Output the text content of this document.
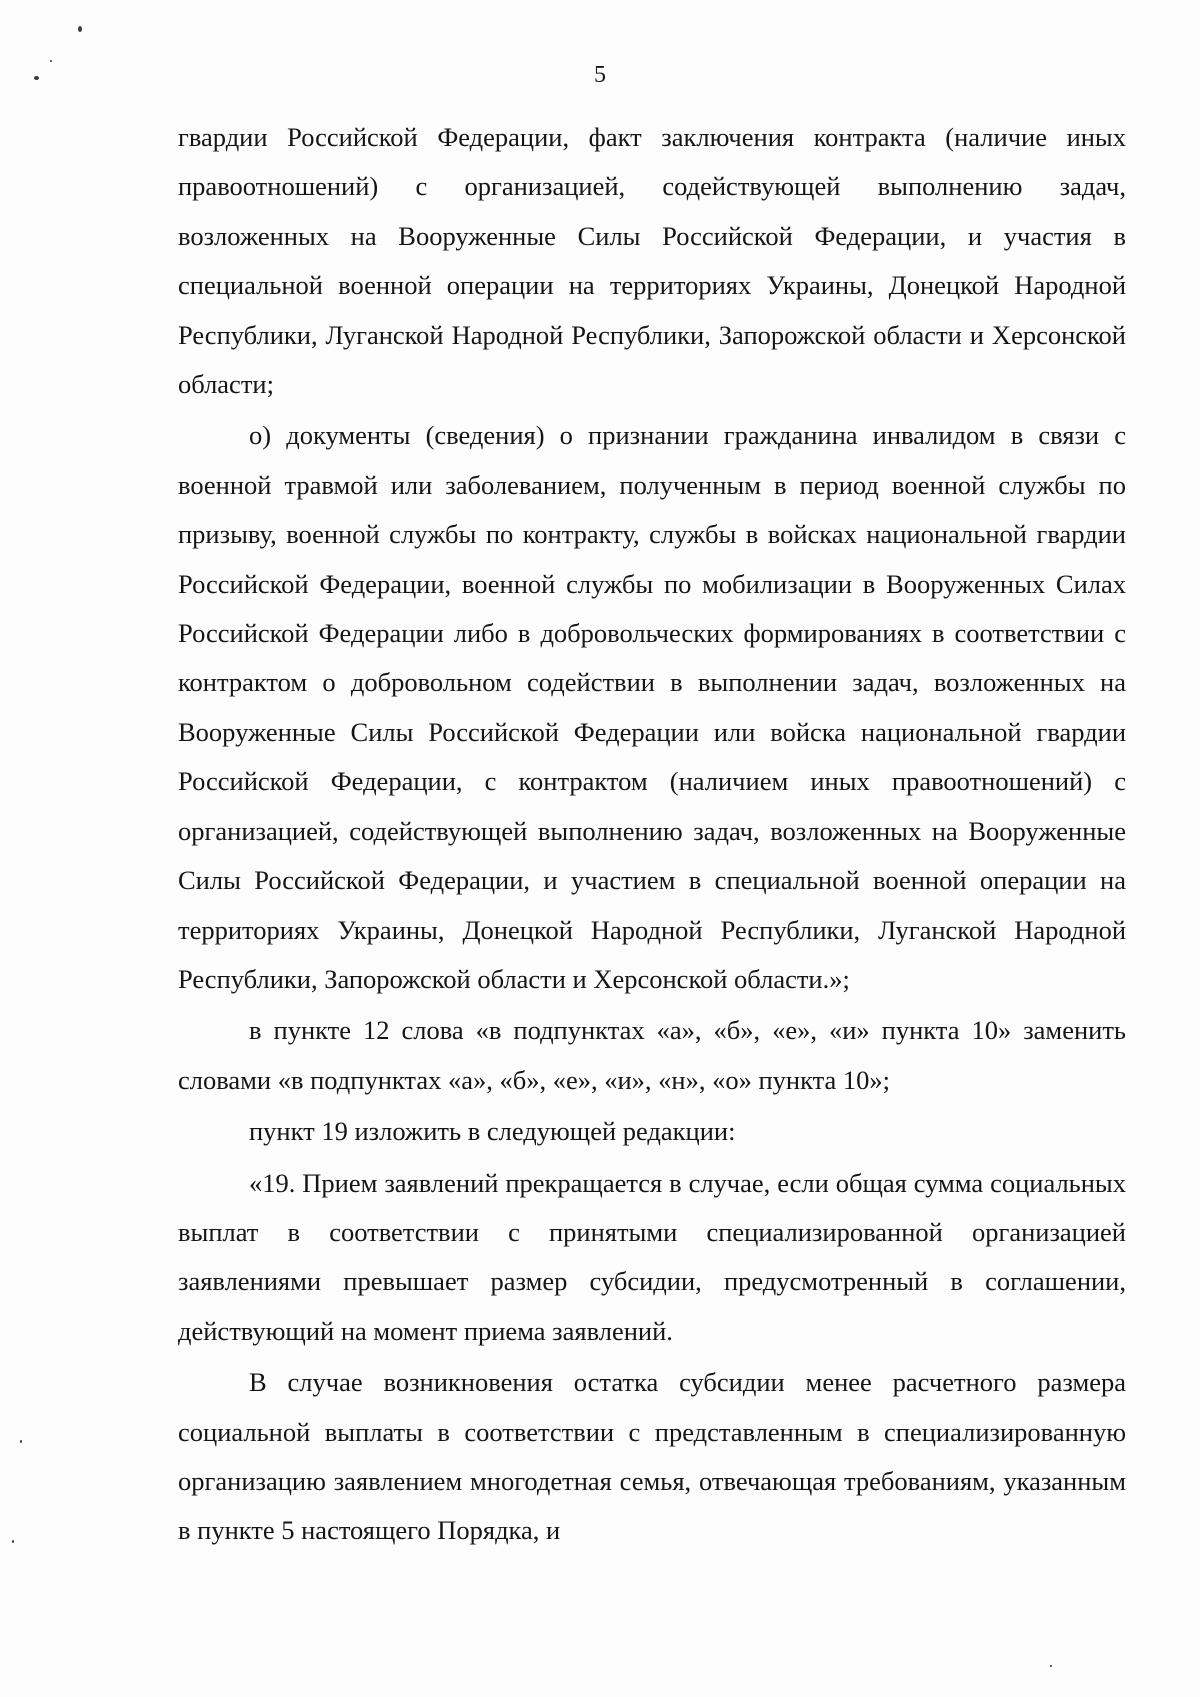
5

гвардии Российской Федерации, факт заключения контракта (наличие иных правоотношений) с организацией, содействующей выполнению задач, возложенных на Вооруженные Силы Российской Федерации, и участия в специальной военной операции на территориях Украины, Донецкой Народной Республики, Луганской Народной Республики, Запорожской области и Херсонской области;

о) документы (сведения) о признании гражданина инвалидом в связи с военной травмой или заболеванием, полученным в период военной службы по призыву, военной службы по контракту, службы в войсках национальной гвардии Российской Федерации, военной службы по мобилизации в Вооруженных Силах Российской Федерации либо в добровольческих формированиях в соответствии с контрактом о добровольном содействии в выполнении задач, возложенных на Вооруженные Силы Российской Федерации или войска национальной гвардии Российской Федерации, с контрактом (наличием иных правоотношений) с организацией, содействующей выполнению задач, возложенных на Вооруженные Силы Российской Федерации, и участием в специальной военной операции на территориях Украины, Донецкой Народной Республики, Луганской Народной Республики, Запорожской области и Херсонской области.»;

в пункте 12 слова «в подпунктах «а», «б», «е», «и» пункта 10» заменить словами «в подпунктах «а», «б», «е», «и», «н», «о» пункта 10»;

пункт 19 изложить в следующей редакции:

«19. Прием заявлений прекращается в случае, если общая сумма социальных выплат в соответствии с принятыми специализированной организацией заявлениями превышает размер субсидии, предусмотренный в соглашении, действующий на момент приема заявлений.

В случае возникновения остатка субсидии менее расчетного размера социальной выплаты в соответствии с представленным в специализированную организацию заявлением многодетная семья, отвечающая требованиям, указанным в пункте 5 настоящего Порядка, и
